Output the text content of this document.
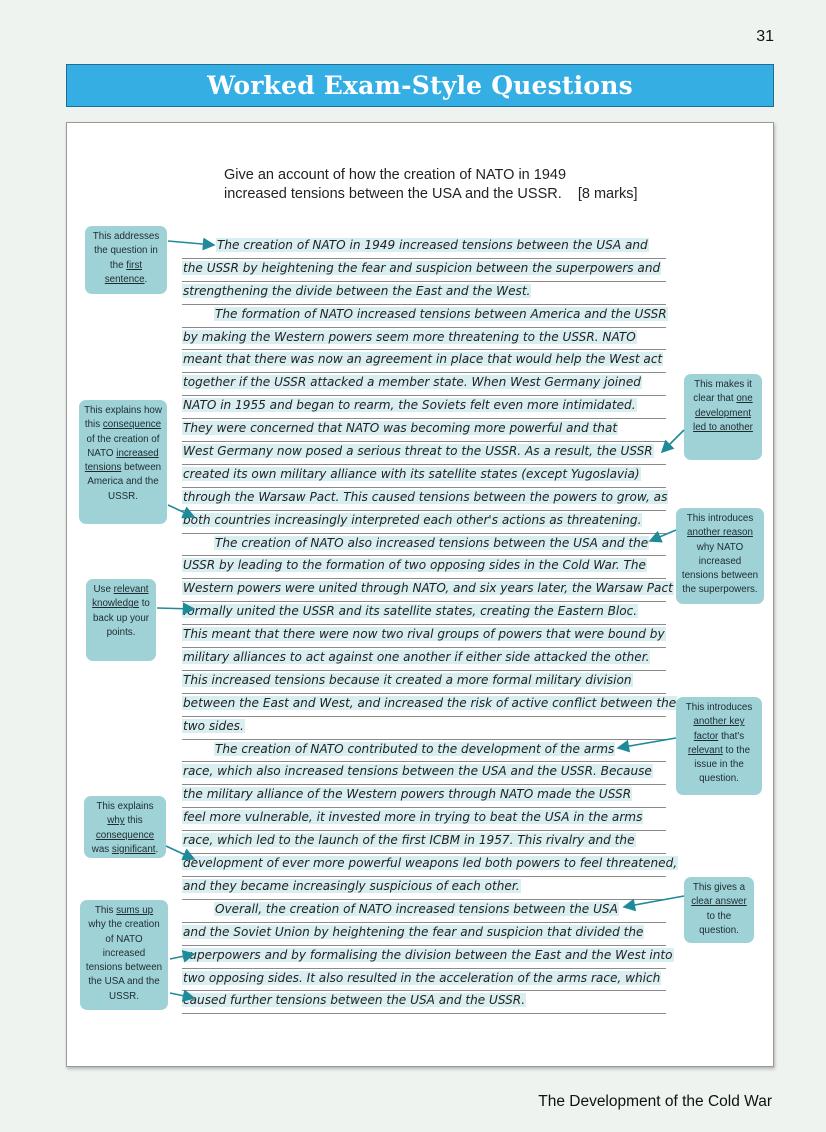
31
Worked Exam-Style Questions
Give an account of how the creation of NATO in 1949
increased tensions between the USA and the USSR. [8 marks]
The creation of NATO in 1949 increased tensions between the USA and
the USSR by heightening the fear and suspicion between the superpowers and
strengthening the divide between the East and the West.
The formation of NATO increased tensions between America and the USSR
by making the Western powers seem more threatening to the USSR. NATO
meant that there was now an agreement in place that would help the West act
together if the USSR attacked a member state. When West Germany joined
NATO in 1955 and began to rearm, the Soviets felt even more intimidated.
They were concerned that NATO was becoming more powerful and that
West Germany now posed a serious threat to the USSR. As a result, the USSR
created its own military alliance with its satellite states (except Yugoslavia)
through the Warsaw Pact. This caused tensions between the powers to grow, as
both countries increasingly interpreted each other's actions as threatening.
The creation of NATO also increased tensions between the USA and the
USSR by leading to the formation of two opposing sides in the Cold War. The
Western powers were united through NATO, and six years later, the Warsaw Pact
formally united the USSR and its satellite states, creating the Eastern Bloc.
This meant that there were now two rival groups of powers that were bound by
military alliances to act against one another if either side attacked the other.
This increased tensions because it created a more formal military division
between the East and West, and increased the risk of active conflict between the
two sides.
The creation of NATO contributed to the development of the arms
race, which also increased tensions between the USA and the USSR. Because
the military alliance of the Western powers through NATO made the USSR
feel more vulnerable, it invested more in trying to beat the USA in the arms
race, which led to the launch of the first ICBM in 1957. This rivalry and the
development of ever more powerful weapons led both powers to feel threatened,
and they became increasingly suspicious of each other.
Overall, the creation of NATO increased tensions between the USA
and the Soviet Union by heightening the fear and suspicion that divided the
superpowers and by formalising the division between the East and the West into
two opposing sides. It also resulted in the acceleration of the arms race, which
caused further tensions between the USA and the USSR.
This addresses the question in the first sentence.
This explains how this consequence of the creation of NATO increased tensions between America and the USSR.
Use relevant knowledge to back up your points.
This explains why this consequence was significant.
This sums up why the creation of NATO increased tensions between the USA and the USSR.
This makes it clear that one development led to another
This introduces another reason why NATO increased tensions between the superpowers.
This introduces another key factor that's relevant to the issue in the question.
This gives a clear answer to the question.
The Development of the Cold War
